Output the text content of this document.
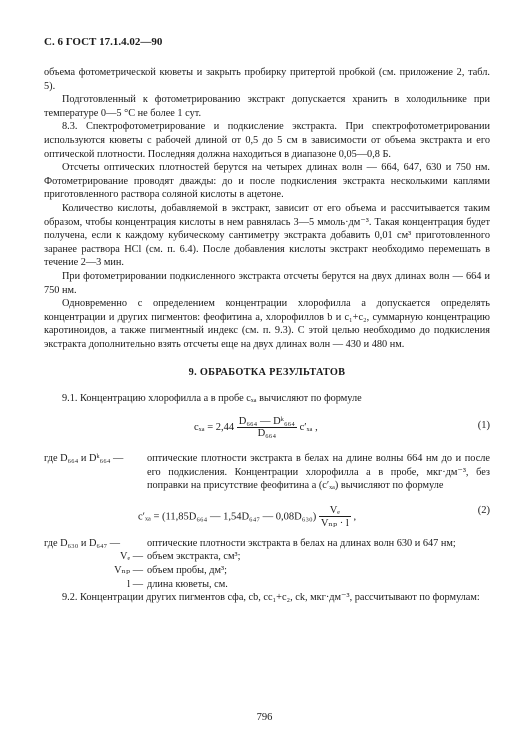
С. 6 ГОСТ 17.1.4.02—90

объема фотометрической кюветы и закрыть пробирку притертой пробкой (см. приложение 2, табл. 5).

Подготовленный к фотометрированию экстракт допускается хранить в холодильнике при температуре 0—5 °С не более 1 сут.

8.3. Спектрофотометрирование и подкисление экстракта. При спектрофотометрировании используются кюветы с рабочей длиной от 0,5 до 5 см в зависимости от объема экстракта и его оптической плотности. Последняя должна находиться в диапазоне 0,05—0,8 Б.

Отсчеты оптических плотностей берутся на четырех длинах волн — 664, 647, 630 и 750 нм. Фотометрирование проводят дважды: до и после подкисления экстракта несколькими каплями приготовленного раствора соляной кислоты в ацетоне.

Количество кислоты, добавляемой в экстракт, зависит от его объема и рассчитывается таким образом, чтобы концентрация кислоты в нем равнялась 3—5 ммоль·дм⁻³. Такая концентрация будет получена, если к каждому кубическому сантиметру экстракта добавить 0,01 см³ приготовленного заранее раствора HCl (см. п. 6.4). После добавления кислоты экстракт необходимо перемешать в течение 2—3 мин.

При фотометрировании подкисленного экстракта отсчеты берутся на двух длинах волн — 664 и 750 нм.

Одновременно с определением концентрации хлорофилла a допускается определять концентрации и других пигментов: феофитина a, хлорофиллов b и c₁+c₂, суммарную концентрацию каротиноидов, а также пигментный индекс (см. п. 9.3). С этой целью необходимо до подкисления экстракта дополнительно взять отсчеты еще на двух длинах волн — 430 и 480 нм.

9. ОБРАБОТКА РЕЗУЛЬТАТОВ

9.1. Концентрацию хлорофилла a в пробе cₓₐ вычисляют по формуле

$c_{xa} = 2,44 \frac{\text{D₆₆₄ — Dᵏ₆₆₄}}{\text{D₆₆₄}} c'_{xa}$ ,	(1)
где D₆₆₄ и Dᵏ₆₆₄ —	оптические плотности экстракта в белах на длине волны 664 нм до и после его подкисления. Концентрации хлорофилла a в пробе, мкг·дм⁻³, без поправки на присутствие феофитина a (c′ₓₐ) вычисляют по формуле
c′ₓₐ = (11,85D₆₆₄ — 1,54D₆₄₇ — $0,08D_{630}) \frac{\text{Vₑ}}{\text{Vₙₚ · l}}$ ,
(2)
где D₆₃₀ и D₆₄₇ —	оптические плотности экстракта в белах на длинах волн 630 и 647 нм;
Vₑ — объем экстракта, см³;
Vₙₚ — объем пробы, дм³;
l — длина кюветы, см.

9.2. Концентрации других пигментов cфa, cb, cc₁+c₂, ck, мкг·дм⁻³, рассчитывают по формулам:

796
